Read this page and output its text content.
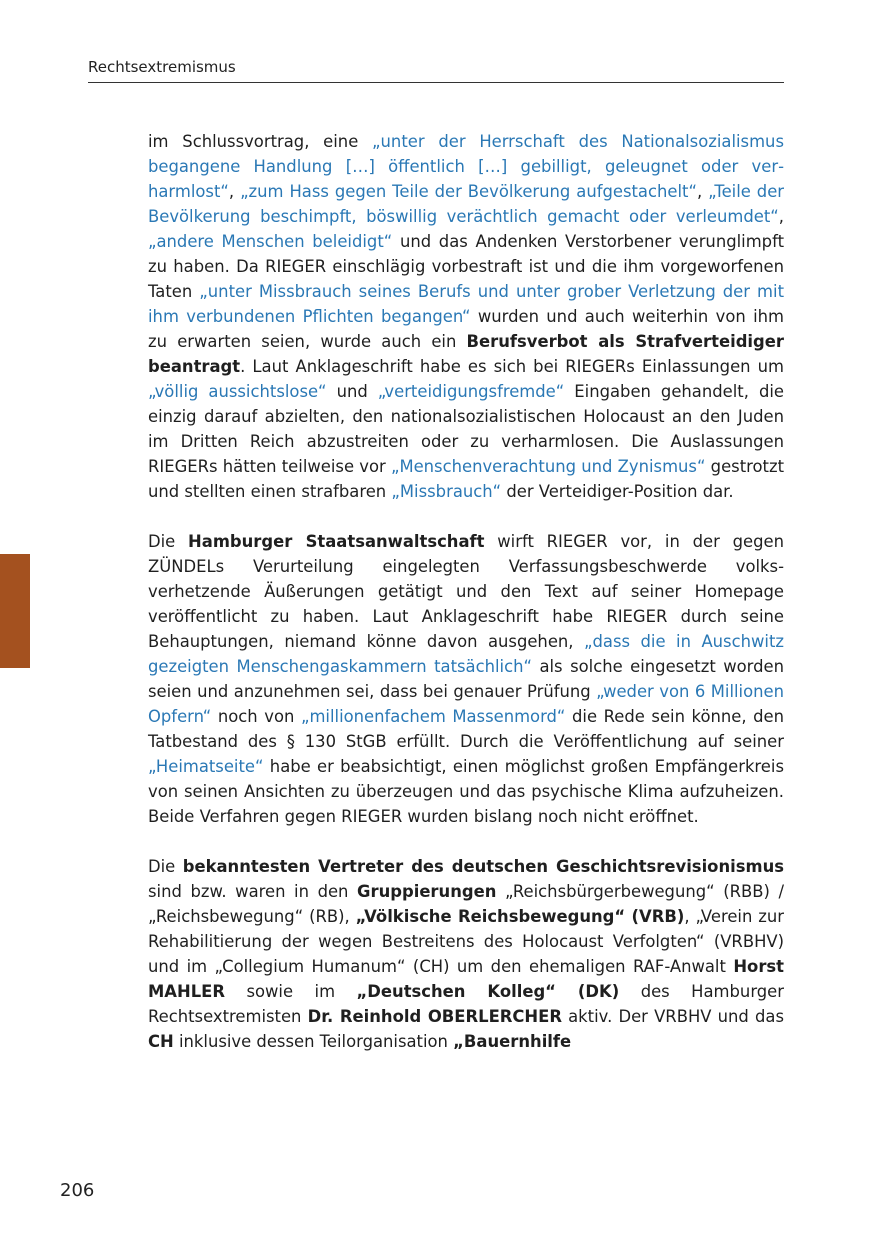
Rechtsextremismus

im Schlussvortrag, eine „unter der Herrschaft des Nationalsozialismus begangene Handlung […] öffentlich […] gebilligt, geleugnet oder verharmlost“, „zum Hass gegen Teile der Bevölkerung aufgestachelt“, „Teile der Bevölkerung beschimpft, böswillig verächtlich gemacht oder verleumdet“, „andere Menschen beleidigt“ und das Andenken Verstorbener verunglimpft zu haben. Da RIEGER einschlägig vorbestraft ist und die ihm vorgeworfenen Taten „unter Missbrauch seines Berufs und unter grober Verletzung der mit ihm verbundenen Pflichten begangen“ wurden und auch weiterhin von ihm zu erwarten seien, wurde auch ein Berufsverbot als Strafverteidiger beantragt. Laut Anklageschrift habe es sich bei RIEGERs Einlassungen um „völlig aussichtslose“ und „verteidigungsfremde“ Eingaben gehandelt, die einzig darauf abzielten, den nationalsozialistischen Holocaust an den Juden im Dritten Reich abzustreiten oder zu verharmlosen. Die Auslassungen RIEGERs hätten teilweise vor „Menschenverachtung und Zynismus“ gestrotzt und stellten einen strafbaren „Missbrauch“ der Verteidiger-Position dar.

Die Hamburger Staatsanwaltschaft wirft RIEGER vor, in der gegen ZÜNDELs Verurteilung eingelegten Verfassungsbeschwerde volksverhetzende Äußerungen getätigt und den Text auf seiner Homepage veröffentlicht zu haben. Laut Anklageschrift habe RIEGER durch seine Behauptungen, niemand könne davon ausgehen, „dass die in Auschwitz gezeigten Menschengaskammern tatsächlich“ als solche eingesetzt worden seien und anzunehmen sei, dass bei genauer Prüfung „weder von 6 Millionen Opfern“ noch von „millionenfachem Massenmord“ die Rede sein könne, den Tatbestand des § 130 StGB erfüllt. Durch die Veröffentlichung auf seiner „Heimatseite“ habe er beabsichtigt, einen möglichst großen Empfängerkreis von seinen Ansichten zu überzeugen und das psychische Klima aufzuheizen. Beide Verfahren gegen RIEGER wurden bislang noch nicht eröffnet.

Die bekanntesten Vertreter des deutschen Geschichtsrevisionismus sind bzw. waren in den Gruppierungen „Reichsbürgerbewegung“ (RBB) / „Reichsbewegung“ (RB), „Völkische Reichsbewegung“ (VRB), „Verein zur Rehabilitierung der wegen Bestreitens des Holocaust Verfolgten“ (VRBHV) und im „Collegium Humanum“ (CH) um den ehemaligen RAF-Anwalt Horst MAHLER sowie im „Deutschen Kolleg“ (DK) des Hamburger Rechtsextremisten Dr. Reinhold OBERLERCHER aktiv. Der VRBHV und das CH inklusive dessen Teilorganisation „Bauernhilfe

206
